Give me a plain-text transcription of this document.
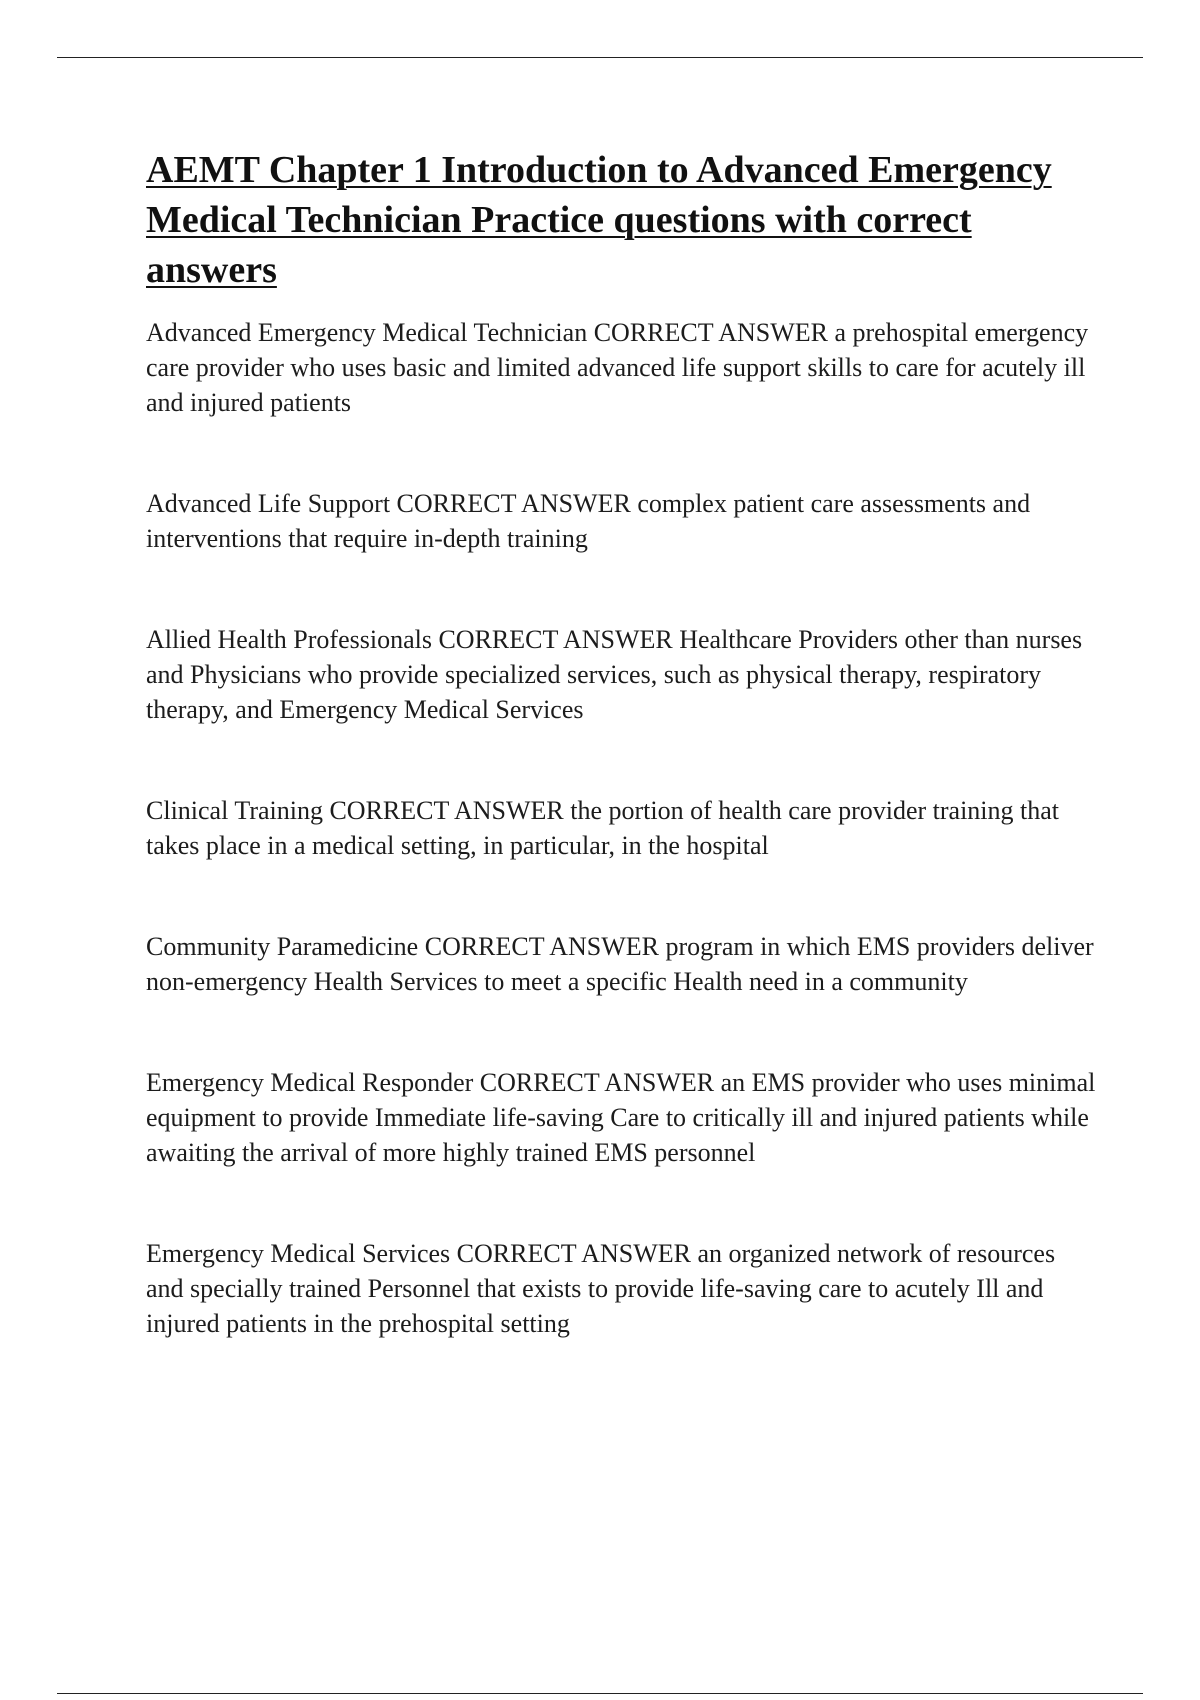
AEMT Chapter 1 Introduction to Advanced Emergency Medical Technician Practice questions with correct answers

Advanced Emergency Medical Technician CORRECT ANSWER a prehospital emergency care provider who uses basic and limited advanced life support skills to care for acutely ill and injured patients

Advanced Life Support CORRECT ANSWER complex patient care assessments and interventions that require in-depth training

Allied Health Professionals CORRECT ANSWER Healthcare Providers other than nurses and Physicians who provide specialized services, such as physical therapy, respiratory therapy, and Emergency Medical Services

Clinical Training CORRECT ANSWER the portion of health care provider training that takes place in a medical setting, in particular, in the hospital

Community Paramedicine CORRECT ANSWER program in which EMS providers deliver non-emergency Health Services to meet a specific Health need in a community

Emergency Medical Responder CORRECT ANSWER an EMS provider who uses minimal equipment to provide Immediate life-saving Care to critically ill and injured patients while awaiting the arrival of more highly trained EMS personnel

Emergency Medical Services CORRECT ANSWER an organized network of resources and specially trained Personnel that exists to provide life-saving care to acutely Ill and injured patients in the prehospital setting
